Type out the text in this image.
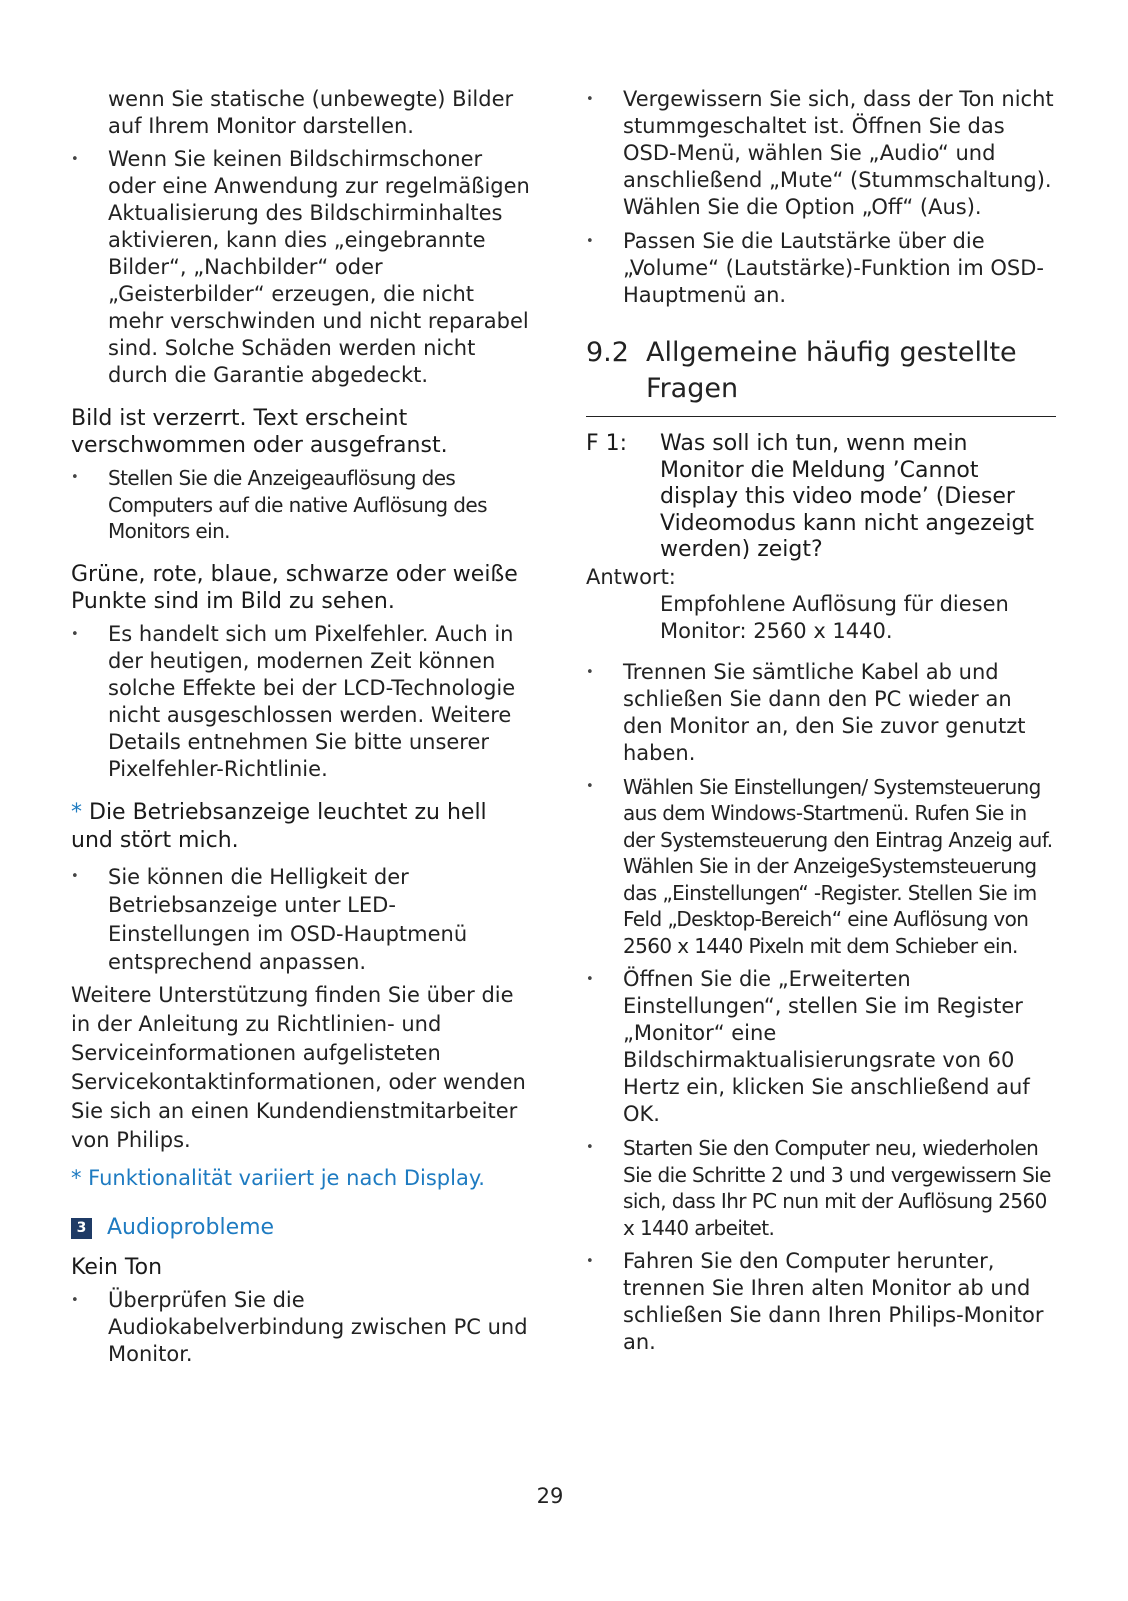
wenn Sie statische (unbewegte) Bilder auf Ihrem Monitor darstellen.

• Wenn Sie keinen Bildschirmschoner oder eine Anwendung zur regelmäßigen Aktualisierung des Bildschirminhaltes aktivieren, kann dies „eingebrannte Bilder“, „Nachbilder“ oder „Geisterbilder“ erzeugen, die nicht mehr verschwinden und nicht reparabel sind. Solche Schäden werden nicht durch die Garantie abgedeckt.

Bild ist verzerrt. Text erscheint verschwommen oder ausgefranst.

• Stellen Sie die Anzeigeauflösung des Computers auf die native Auflösung des Monitors ein.

Grüne, rote, blaue, schwarze oder weiße Punkte sind im Bild zu sehen.

• Es handelt sich um Pixelfehler. Auch in der heutigen, modernen Zeit können solche Effekte bei der LCD-Technologie nicht ausgeschlossen werden. Weitere Details entnehmen Sie bitte unserer Pixelfehler-Richtlinie.

* Die Betriebsanzeige leuchtet zu hell und stört mich.

• Sie können die Helligkeit der Betriebsanzeige unter LED-Einstellungen im OSD-Hauptmenü entsprechend anpassen.

Weitere Unterstützung finden Sie über die in der Anleitung zu Richtlinien- und Serviceinformationen aufgelisteten Servicekontaktinformationen, oder wenden Sie sich an einen Kundendienstmitarbeiter von Philips.

* Funktionalität variiert je nach Display.

3 Audioprobleme

Kein Ton

• Überprüfen Sie die Audiokabelverbindung zwischen PC und Monitor.

• Vergewissern Sie sich, dass der Ton nicht stummgeschaltet ist. Öffnen Sie das OSD-Menü, wählen Sie „Audio“ und anschließend „Mute“ (Stummschaltung). Wählen Sie die Option „Off“ (Aus).

• Passen Sie die Lautstärke über die „Volume“ (Lautstärke)-Funktion im OSD-Hauptmenü an.

9.2 Allgemeine häufig gestellte Fragen
F 1:	Was soll ich tun, wenn mein Monitor die Meldung ’Cannot display this video mode’ (Dieser Videomodus kann nicht angezeigt werden) zeigt?

Antwort:

Empfohlene Auflösung für diesen Monitor: 2560 x 1440.

• Trennen Sie sämtliche Kabel ab und schließen Sie dann den PC wieder an den Monitor an, den Sie zuvor genutzt haben.

• Wählen Sie Einstellungen/ Systemsteuerung aus dem Windows-Startmenü. Rufen Sie in der Systemsteuerung den Eintrag Anzeig auf. Wählen Sie in der AnzeigeSystemsteuerung das „Einstellungen“ -Register. Stellen Sie im Feld „Desktop-Bereich“ eine Auflösung von 2560 x 1440 Pixeln mit dem Schieber ein.

• Öffnen Sie die „Erweiterten Einstellungen“, stellen Sie im Register „Monitor“ eine Bildschirmaktualisierungsrate von 60 Hertz ein, klicken Sie anschließend auf OK.

• Starten Sie den Computer neu, wiederholen Sie die Schritte 2 und 3 und vergewissern Sie sich, dass Ihr PC nun mit der Auflösung 2560 x 1440 arbeitet.

• Fahren Sie den Computer herunter, trennen Sie Ihren alten Monitor ab und schließen Sie dann Ihren Philips-Monitor an.

29
